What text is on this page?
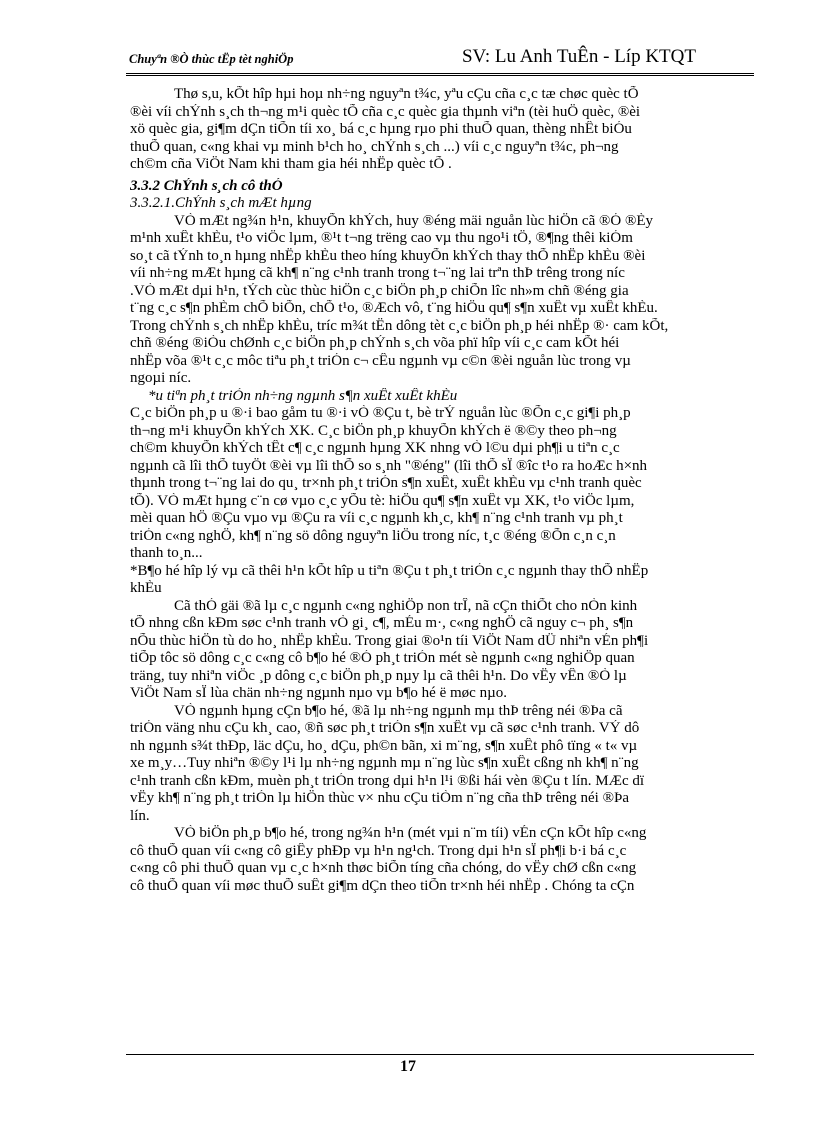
Chuyªn ®Ò thùc tËp tèt nghiÖp	SV: Lu Anh TuÊn - Líp KTQT

Thø s,u, kÕt hîp hµi hoµ nh÷ng nguyªn t¾c, yªu cÇu cña c¸c tæ chøc quèc tÕ

®èi víi chÝnh s¸ch th¬ng m¹i quèc tÕ cña c¸c quèc gia thµnh viªn (tèi huÖ quèc, ®èi

xö quèc gia, gi¶m dÇn tiÕn tíi xo¸ bá c¸c hµng rµo phi thuÕ quan, thèng nhÊt biÓu

thuÕ quan, c«ng khai vµ minh b¹ch ho¸ chÝnh s¸ch ...) víi c¸c nguyªn t¾c, ph¬ng

ch©m cña ViÖt Nam khi tham gia héi nhËp quèc tÕ .

3.3.2 ChÝnh s¸ch cô thÓ

3.3.2.1.ChÝnh s¸ch mÆt hµng

VÒ mÆt ng¾n h¹n, khuyÕn khÝch, huy ®éng mäi nguån lùc hiÖn cã ®Ó ®Èy

m¹nh xuÊt khÈu, t¹o viÖc lµm, ®¹t t¬ng trëng cao vµ thu ngo¹i tÖ, ®¶ng thêi kiÓm

so¸t cã tÝnh to¸n hµng nhËp khÈu theo híng khuyÕn khÝch thay thÕ nhËp khÈu ®èi

víi nh÷ng mÆt hµng cã kh¶ n¨ng c¹nh tranh trong t¬¨ng lai trªn thÞ trêng trong níc

.VÒ mÆt dµi h¹n, tÝch cùc thùc hiÖn c¸c biÖn ph¸p chiÕn lîc nh»m chñ ®éng gia

t¨ng c¸c s¶n phÈm chÕ biÕn, chÕ t¹o, ®Æch vô, t¨ng hiÖu qu¶ s¶n xuÊt vµ xuÊt khÈu.

Trong chÝnh s¸ch nhËp khÈu, tríc m¾t tËn dông tèt c¸c biÖn ph¸p héi nhËp ®· cam kÕt,

chñ ®éng ®iÒu chØnh c¸c biÖn ph¸p chÝnh s¸ch võa phï hîp víi c¸c cam kÕt héi

nhËp võa ®¹t c¸c môc tiªu ph¸t triÓn c¬ cÊu ngµnh vµ c©n ®èi nguån lùc trong vµ

ngoµi níc.

*u tiªn ph¸t triÓn nh÷ng ngµnh s¶n xuÊt xuÊt khÈu

C¸c biÖn ph¸p u ®·i bao gåm tu ®·i vÒ ®Çu t, bè trÝ nguån lùc ®Õn c¸c gi¶i ph¸p

th¬ng m¹i khuyÕn khÝch XK. C¸c biÖn ph¸p khuyÕn khÝch ë ®©y theo ph¬ng

ch©m khuyÕn khÝch tÊt c¶ c¸c ngµnh hµng XK nhng vÒ l©u dµi ph¶i u tiªn c¸c

ngµnh cã lîi thÕ tuyÖt ®èi vµ lîi thÕ so s¸nh "®éng" (lîi thÕ sÏ ®îc t¹o ra hoÆc h×nh

thµnh trong t¬¨ng lai do qu¸ tr×nh ph¸t triÓn s¶n xuÊt, xuÊt khÈu vµ c¹nh tranh quèc

tÕ). VÒ mÆt hµng c¨n cø vµo c¸c yÕu tè: hiÖu qu¶ s¶n xuÊt vµ XK, t¹o viÖc lµm,

mèi quan hÖ ®Çu vµo vµ ®Çu ra víi c¸c ngµnh kh¸c, kh¶ n¨ng c¹nh tranh vµ ph¸t

triÓn c«ng nghÖ, kh¶ n¨ng sö dông nguyªn liÖu trong níc, t¸c ®éng ®Õn c¸n c¸n

thanh to¸n...

*B¶o hé hîp lý vµ cã thêi h¹n kÕt hîp u tiªn ®Çu t ph¸t triÓn c¸c ngµnh thay thÕ nhËp

khÈu

Cã thÓ gäi ®ã lµ c¸c ngµnh c«ng nghiÖp non trÎ, nã cÇn thiÕt cho nÒn kinh

tÕ nhng cßn kÐm søc c¹nh tranh vÒ gi¸ c¶, mÉu m·, c«ng nghÖ cã nguy c¬ ph¸ s¶n

nÕu thùc hiÖn tù do ho¸ nhËp khÈu. Trong giai ®o¹n tíi ViÖt Nam dÜ nhiªn vÉn ph¶i

tiÕp tôc sö dông c¸c c«ng cô b¶o hé ®Ó ph¸t triÓn mét sè ngµnh c«ng nghiÖp quan

träng, tuy nhiªn viÖc ¸p dông c¸c biÖn ph¸p nµy lµ cã thêi h¹n. Do vËy vÊn ®Ò lµ

ViÖt Nam sÏ lùa chän nh÷ng ngµnh nµo vµ b¶o hé ë møc nµo.

VÒ ngµnh hµng cÇn b¶o hé, ®ã lµ nh÷ng ngµnh mµ thÞ trêng néi ®Þa cã

triÓn väng nhu cÇu kh¸ cao, ®ñ søc ph¸t triÓn s¶n xuÊt vµ cã søc c¹nh tranh. VÝ dô

nh ngµnh s¾t thÐp, läc dÇu, ho¸ dÇu, ph©n bãn, xi m¨ng, s¶n xuÊt phô tïng « t« vµ

xe m¸y…Tuy nhiªn ®©y l¹i lµ nh÷ng ngµnh mµ n¨ng lùc s¶n xuÊt cßng nh kh¶ n¨ng

c¹nh tranh cßn kÐm, muèn ph¸t triÓn trong dµi h¹n l¹i ®ßi hái vèn ®Çu t lín. MÆc dï

vËy kh¶ n¨ng ph¸t triÓn lµ hiÖn thùc v× nhu cÇu tiÒm n¨ng cña thÞ trêng néi ®Þa

lín.

VÒ biÖn ph¸p b¶o hé, trong ng¾n h¹n (mét vµi n¨m tíi) vÉn cÇn kÕt hîp c«ng

cô thuÕ quan víi c«ng cô giÊy phÐp vµ h¹n ng¹ch. Trong dµi h¹n sÏ ph¶i b·i bá c¸c

c«ng cô phi thuÕ quan vµ c¸c h×nh thøc biÕn tíng cña chóng, do vËy chØ cßn c«ng

cô thuÕ quan víi møc thuÕ suÊt gi¶m dÇn theo tiÕn tr×nh héi nhËp . Chóng ta cÇn

17
